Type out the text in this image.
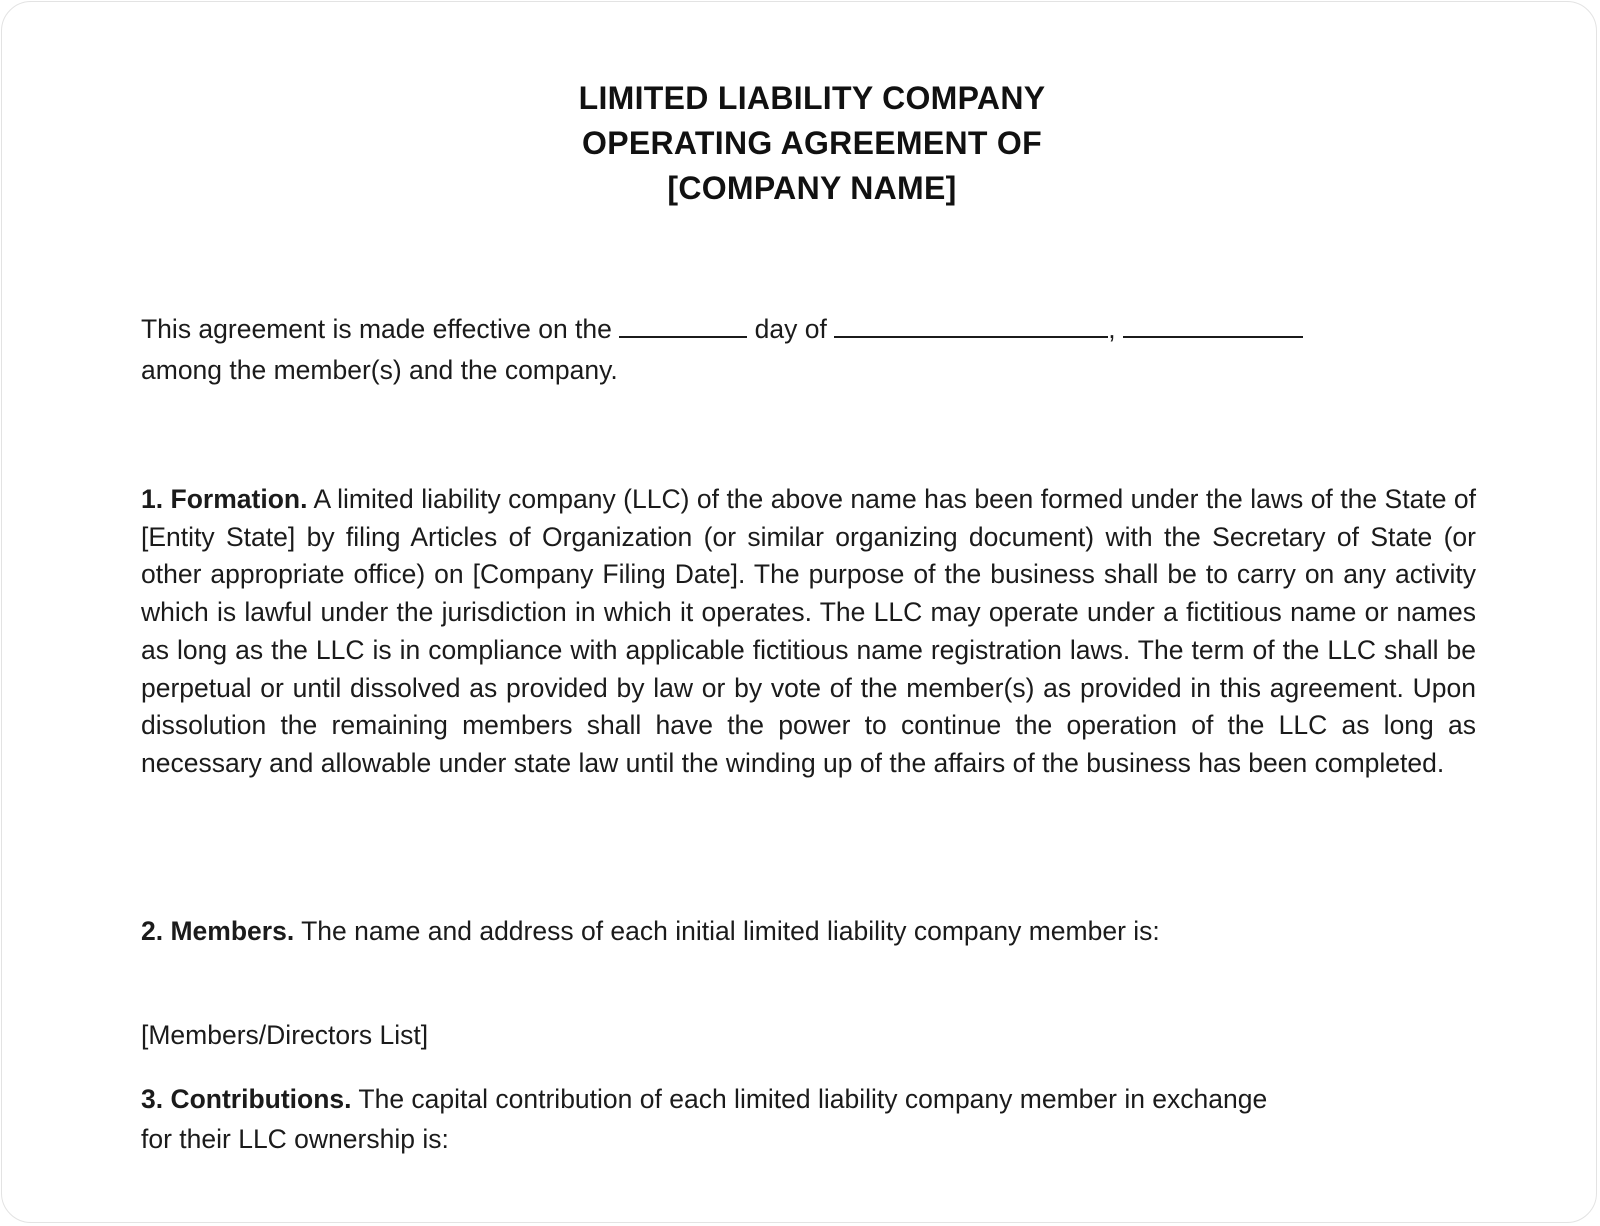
LIMITED LIABILITY COMPANY
OPERATING AGREEMENT OF
[COMPANY NAME]
This agreement is made effective on the	day of	,
among the member(s) and the company.
1. Formation. A limited liability company (LLC) of the above name has been formed under the laws of the State of [Entity State] by filing Articles of Organization (or similar organizing document) with the Secretary of State (or other appropriate office) on [Company Filing Date]. The purpose of the business shall be to carry on any activity which is lawful under the jurisdiction in which it operates. The LLC may operate under a fictitious name or names as long as the LLC is in compliance with applicable fictitious name registration laws. The term of the LLC shall be perpetual or until dissolved as provided by law or by vote of the member(s) as provided in this agreement. Upon dissolution the remaining members shall have the power to continue the operation of the LLC as long as necessary and allowable under state law until the winding up of the affairs of the business has been completed.
2. Members. The name and address of each initial limited liability company member is:
[Members/Directors List]
3. Contributions. The capital contribution of each limited liability company member in exchange
for their LLC ownership is:
